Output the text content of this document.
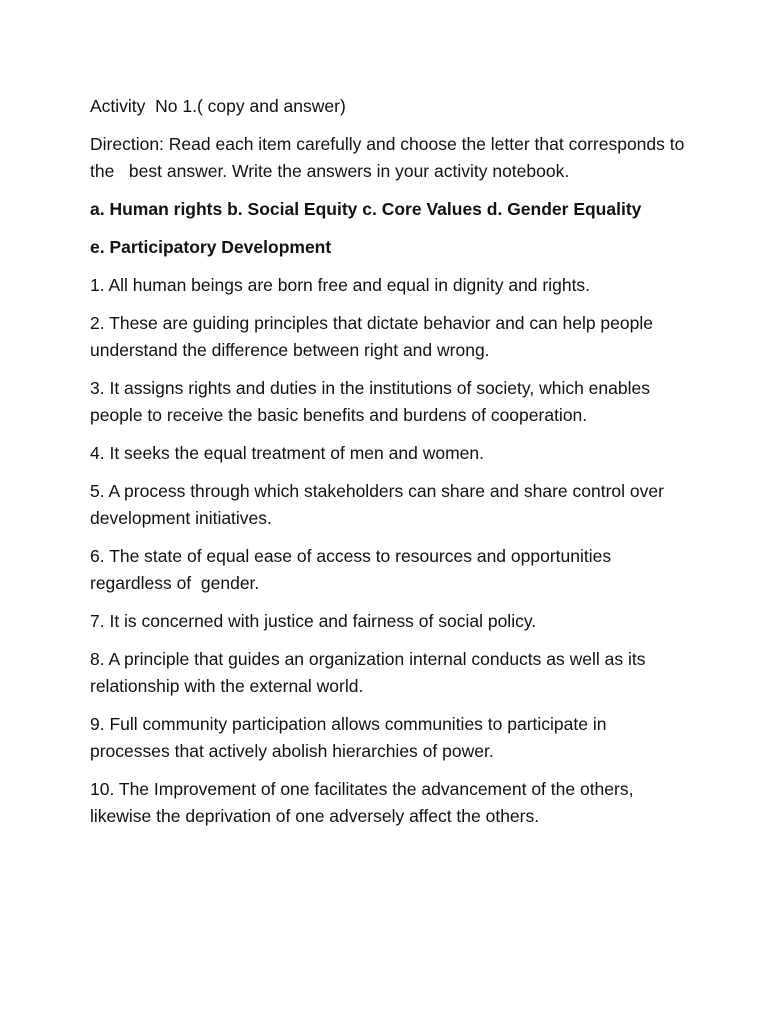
Activity  No 1.( copy and answer)

Direction: Read each item carefully and choose the letter that corresponds to the   best answer. Write the answers in your activity notebook.

a. Human rights b. Social Equity c. Core Values d. Gender Equality

e. Participatory Development

1. All human beings are born free and equal in dignity and rights.

2. These are guiding principles that dictate behavior and can help people understand the difference between right and wrong.

3. It assigns rights and duties in the institutions of society, which enables people to receive the basic benefits and burdens of cooperation.

4. It seeks the equal treatment of men and women.

5. A process through which stakeholders can share and share control over development initiatives.

6. The state of equal ease of access to resources and opportunities regardless of  gender.

7. It is concerned with justice and fairness of social policy.

8. A principle that guides an organization internal conducts as well as its relationship with the external world.

9. Full community participation allows communities to participate in processes that actively abolish hierarchies of power.

10. The Improvement of one facilitates the advancement of the others, likewise the deprivation of one adversely affect the others.
